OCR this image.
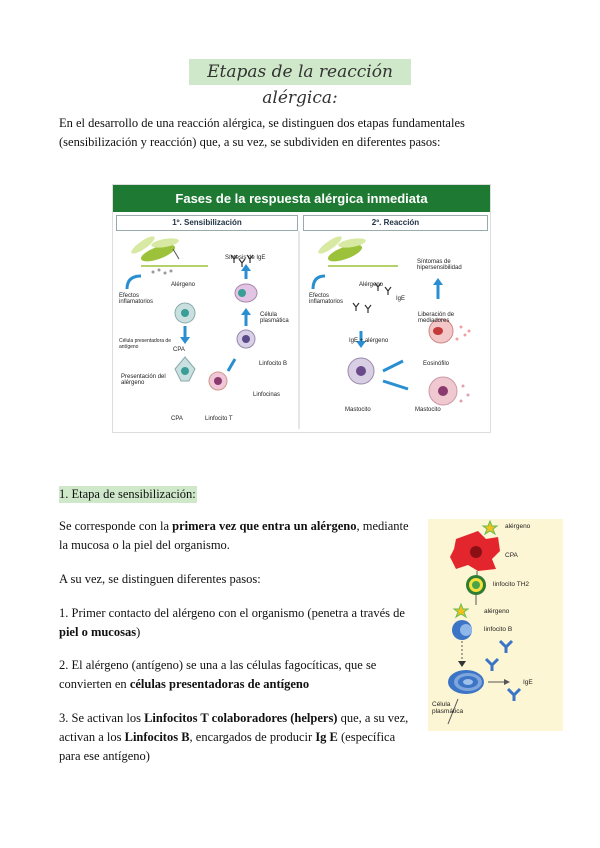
Etapas de la reacción alérgica:
En el desarrollo de una reacción alérgica, se distinguen dos etapas fundamentales (sensibilización y reacción) que, a su vez, se subdividen en diferentes pasos:
Fases de la respuesta alérgica inmediata
1º. Sensibilización	2º. Reacción
Síntesis de IgE
Alérgeno
Efectos inflamatorios
Célula presentadora de antígeno	CPA
Célula plasmática
Linfocito B
Presentación del alérgeno
Linfocinas
CPA	Linfocito T
Alérgeno
Efectos inflamatorios
Síntomas de hipersensibilidad
IgE
IgE + alérgeno
Liberación de mediadores
Eosinófilo
Mastocito	Mastocito
1. Etapa de sensibilización:
Se corresponde con la primera vez que entra un alérgeno, mediante la mucosa o la piel del organismo.
A su vez, se distinguen diferentes pasos:
1. Primer contacto del alérgeno con el organismo (penetra a través de piel o mucosas)
2. El alérgeno (antígeno) se una a las células fagocíticas, que se convierten en células presentadoras de antígeno
3. Se activan los Linfocitos T colaboradores (helpers) que, a su vez, activan a los Linfocitos B, encargados de producir Ig E (específica para ese antígeno)
alérgeno
CPA
linfocito TH2
alérgeno
linfocito B
IgE
Célula plasmática
